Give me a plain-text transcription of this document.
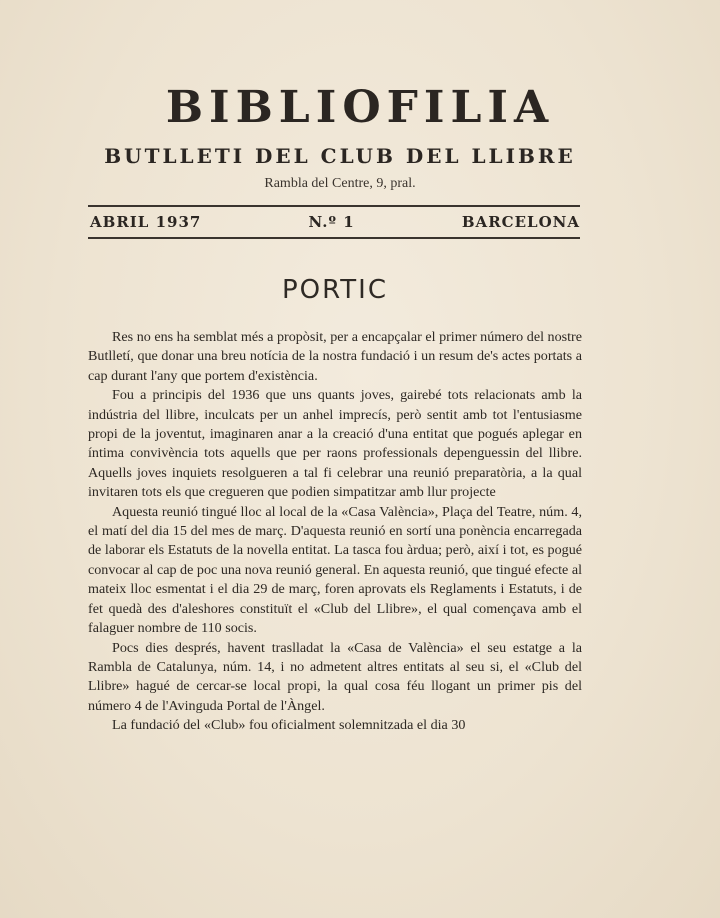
BIBLIOFILIA
BUTLLETI DEL CLUB DEL LLIBRE
Rambla del Centre, 9, pral.
ABRIL 1937	N.º 1	BARCELONA
PORTIC

Res no ens ha semblat més a propòsit, per a encapçalar el primer número del nostre Butlletí, que donar una breu notícia de la nostra fundació i un resum de's actes portats a cap durant l'any que portem d'existència.

Fou a principis del 1936 que uns quants joves, gairebé tots relacionats amb la indústria del llibre, inculcats per un anhel imprecís, però sentit amb tot l'entusiasme propi de la joventut, imaginaren anar a la creació d'una entitat que pogués aplegar en íntima convivència tots aquells que per raons professionals depenguessin del llibre. Aquells joves inquiets resolgueren a tal fi celebrar una reunió preparatòria, a la qual invitaren tots els que cregueren que podien simpatitzar amb llur projecte

Aquesta reunió tingué lloc al local de la «Casa València», Plaça del Teatre, núm. 4, el matí del dia 15 del mes de març. D'aquesta reunió en sortí una ponència encarregada de laborar els Estatuts de la novella entitat. La tasca fou àrdua; però, així i tot, es pogué convocar al cap de poc una nova reunió general. En aquesta reunió, que tingué efecte al mateix lloc esmentat i el dia 29 de març, foren aprovats els Reglaments i Estatuts, i de fet quedà des d'aleshores constituït el «Club del Llibre», el qual començava amb el falaguer nombre de 110 socis.

Pocs dies després, havent traslladat la «Casa de València» el seu estatge a la Rambla de Catalunya, núm. 14, i no admetent altres entitats al seu si, el «Club del Llibre» hagué de cercar-se local propi, la qual cosa féu llogant un primer pis del número 4 de l'Avinguda Portal de l'Àngel.

La fundació del «Club» fou oficialment solemnitzada el dia 30
